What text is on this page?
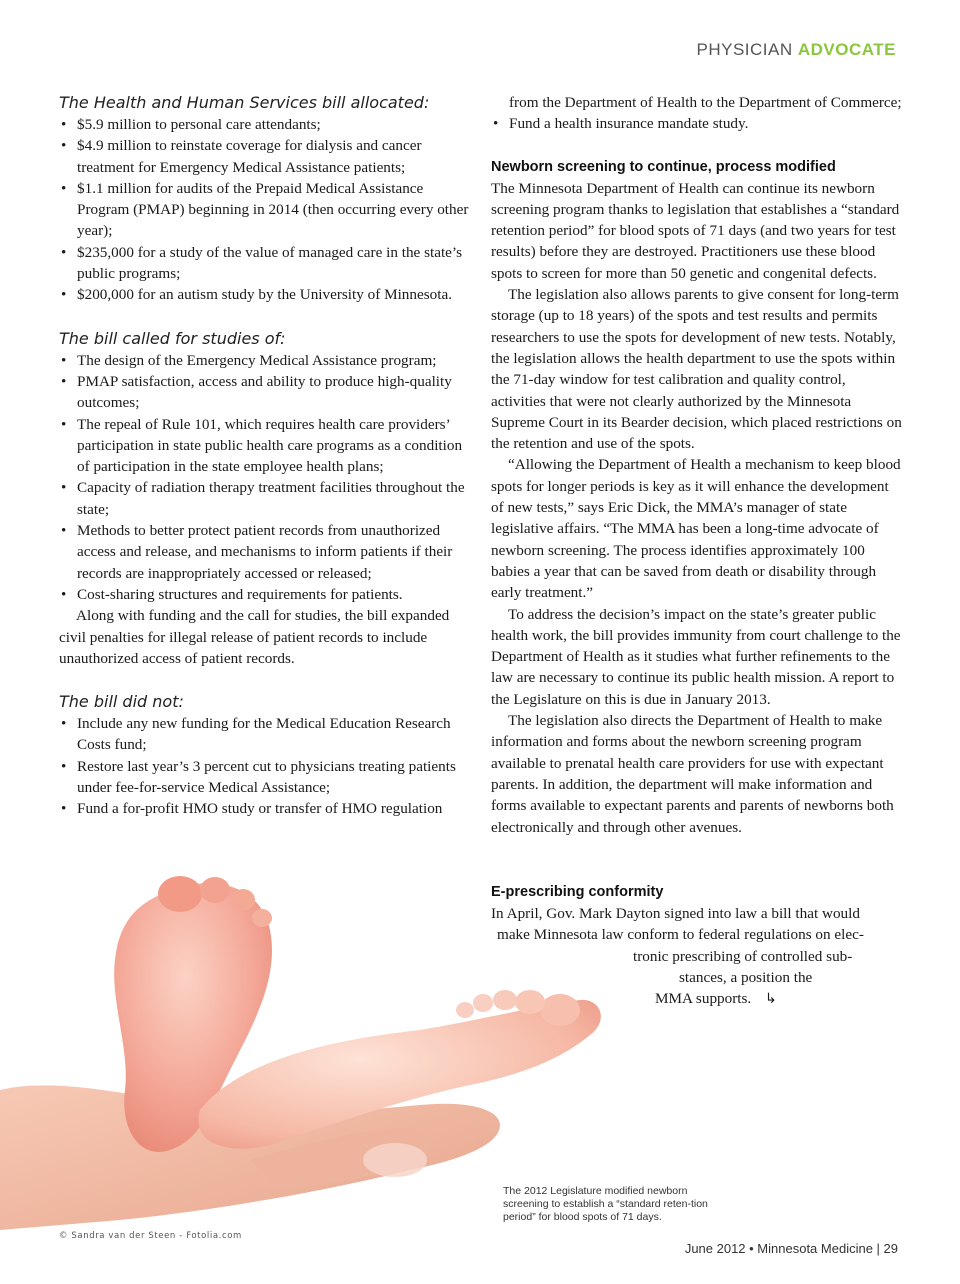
PHYSICIAN ADVOCATE
The Health and Human Services bill allocated:
• $5.9 million to personal care attendants;
• $4.9 million to reinstate coverage for dialysis and cancer treatment for Emergency Medical Assistance patients;
• $1.1 million for audits of the Prepaid Medical Assistance Program (PMAP) beginning in 2014 (then occurring every other year);
• $235,000 for a study of the value of managed care in the state’s public programs;
• $200,000 for an autism study by the University of Minnesota.
The bill called for studies of:
• The design of the Emergency Medical Assistance program;
• PMAP satisfaction, access and ability to produce high-quality outcomes;
• The repeal of Rule 101, which requires health care providers’ participation in state public health care programs as a condition of participation in the state employee health plans;
• Capacity of radiation therapy treatment facilities throughout the state;
• Methods to better protect patient records from unauthorized access and release, and mechanisms to inform patients if their records are inappropriately accessed or released;
• Cost-sharing structures and requirements for patients.

Along with funding and the call for studies, the bill expanded civil penalties for illegal release of patient records to include unauthorized access of patient records.

The bill did not:
• Include any new funding for the Medical Education Research Costs fund;
• Restore last year’s 3 percent cut to physicians treating patients under fee-for-service Medical Assistance;
• Fund a for-profit HMO study or transfer of HMO regulation
from the Department of Health to the Department of Commerce;
• Fund a health insurance mandate study.
Newborn screening to continue, process modified

The Minnesota Department of Health can continue its newborn screening program thanks to legislation that establishes a “standard retention period” for blood spots of 71 days (and two years for test results) before they are destroyed. Practitioners use these blood spots to screen for more than 50 genetic and congenital defects.

The legislation also allows parents to give consent for long-term storage (up to 18 years) of the spots and test results and permits researchers to use the spots for development of new tests. Notably, the legislation allows the health department to use the spots within the 71-day window for test calibration and quality control, activities that were not clearly authorized by the Minnesota Supreme Court in its Bearder decision, which placed restrictions on the retention and use of the spots.

“Allowing the Department of Health a mechanism to keep blood spots for longer periods is key as it will enhance the development of new tests,” says Eric Dick, the MMA’s manager of state legislative affairs. “The MMA has been a long-time advocate of newborn screening. The process identifies approximately 100 babies a year that can be saved from death or disability through early treatment.”

To address the decision’s impact on the state’s greater public health work, the bill provides immunity from court challenge to the Department of Health as it studies what further refinements to the law are necessary to continue its public health mission. A report to the Legislature on this is due in January 2013.

The legislation also directs the Department of Health to make information and forms about the newborn screening program available to prenatal health care providers for use with expectant parents. In addition, the department will make information and forms available to expectant parents and parents of newborns both electronically and through other avenues.

E-prescribing conformity
In April, Gov. Mark Dayton signed into law a bill that would
make Minnesota law conform to federal regulations on elec-
tronic prescribing of controlled sub-
stances, a position the
MMA supports. ↳
The 2012 Legislature modified newborn screening to establish a “standard reten-tion period” for blood spots of 71 days.
© Sandra van der Steen - Fotolia.com
June 2012 • Minnesota Medicine | 29
